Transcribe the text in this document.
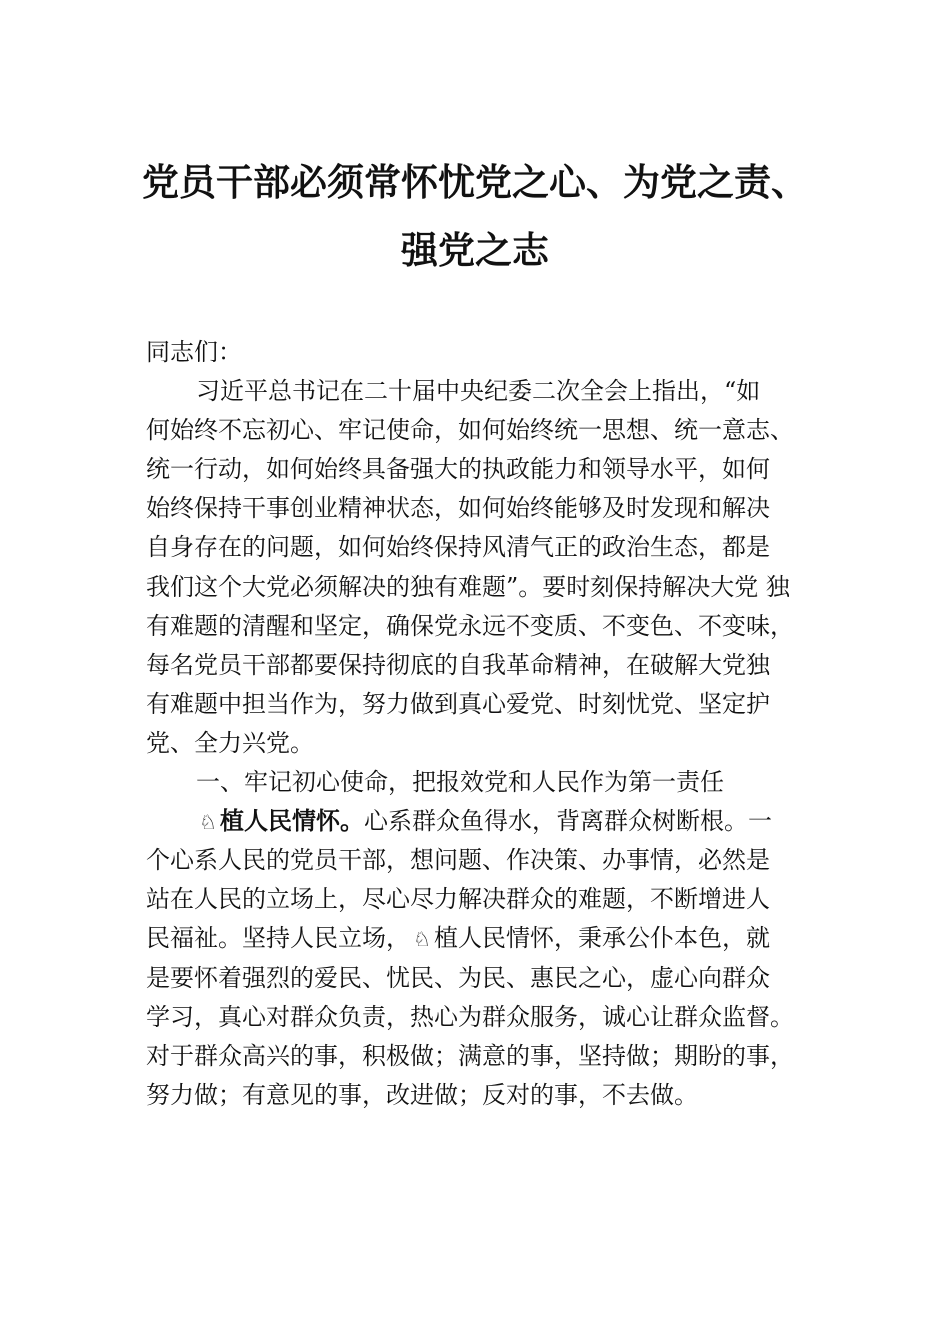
党员干部必须常怀忧党之心、为党之责、
强党之志
同志们：
习近平总书记在二十届中央纪委二次全会上指出，“如
何始终不忘初心、牢记使命，如何始终统一思想、统一意志、
统一行动，如何始终具备强大的执政能力和领导水平，如何
始终保持干事创业精神状态，如何始终能够及时发现和解决
自身存在的问题，如何始终保持风清气正的政治生态，都是
我们这个大党必须解决的独有难题”。要时刻保持解决大党 独
有难题的清醒和坚定，确保党永远不变质、不变色、不变味，
每名党员干部都要保持彻底的自我革命精神，在破解大党独
有难题中担当作为，努力做到真心爱党、时刻忧党、坚定护
党、全力兴党。
一、牢记初心使命，把报效党和人民作为第一责任
♘ 植人民情怀。心系群众鱼得水，背离群众树断根。一
个心系人民的党员干部，想问题、作决策、办事情，必然是
站在人民的立场上，尽心尽力解决群众的难题，不断增进人
民福祉。坚持人民立场， ♘ 植人民情怀，秉承公仆本色，就
是要怀着强烈的爱民、忧民、为民、惠民之心，虚心向群众
学习，真心对群众负责，热心为群众服务，诚心让群众监督。
对于群众高兴的事，积极做；满意的事，坚持做；期盼的事，
努力做；有意见的事，改进做；反对的事，不去做。
